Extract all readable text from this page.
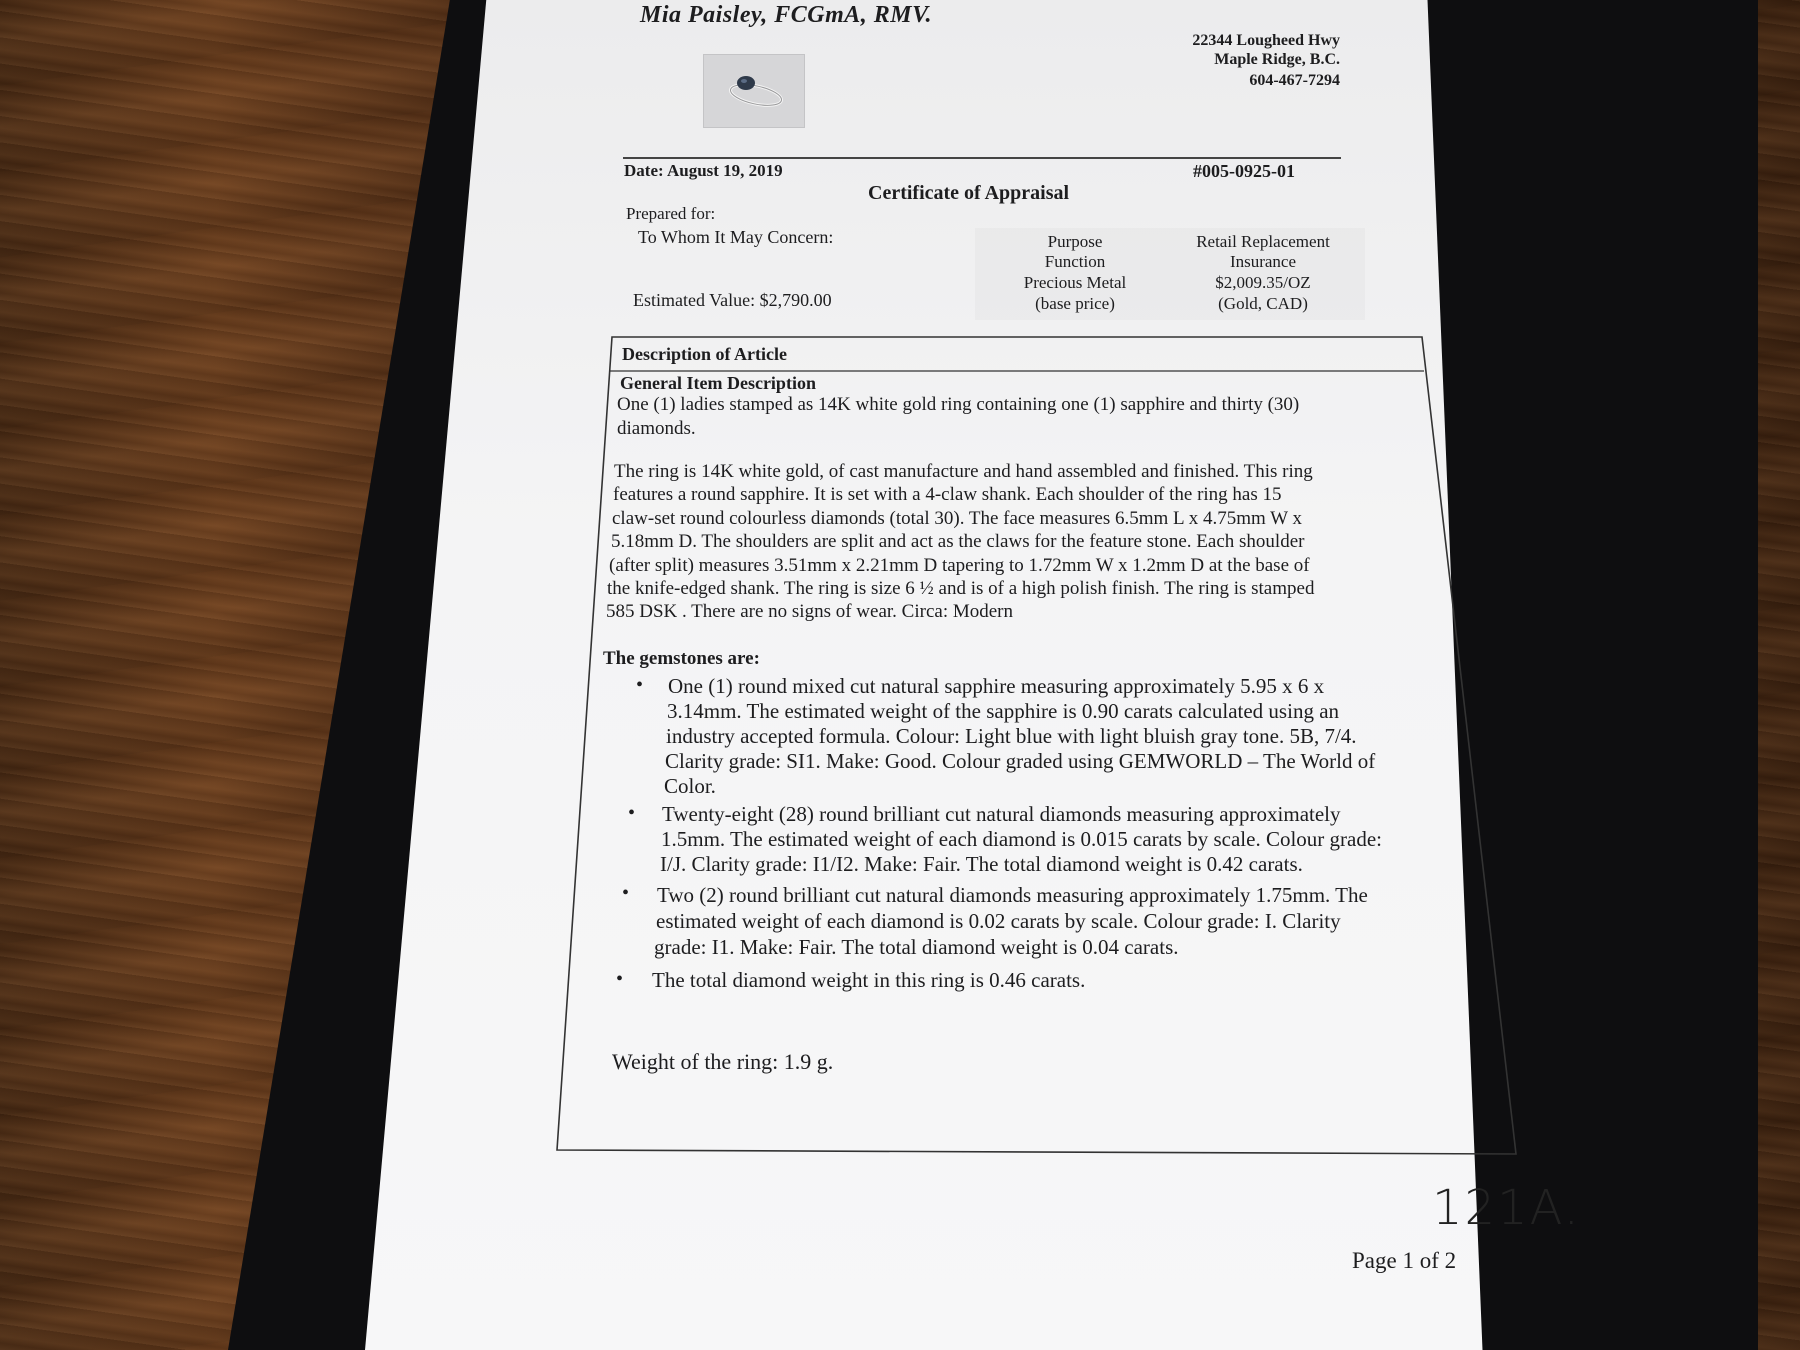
Mia Paisley, FCGmA, RMV.
22344 Lougheed Hwy
Maple Ridge, B.C.
604-467-7294
Date: August 19, 2019	#005-0925-01
Certificate of Appraisal
Prepared for:
To Whom It May Concern:
Estimated Value: $2,790.00
Purpose
Function
Precious Metal
(base price)
Retail Replacement
Insurance
$2,009.35/OZ
(Gold, CAD)
Description of Article
General Item Description
One (1) ladies stamped as 14K white gold ring containing one (1) sapphire and thirty (30)
diamonds.
The ring is 14K white gold, of cast manufacture and hand assembled and finished. This ring
features a round sapphire. It is set with a 4-claw shank. Each shoulder of the ring has 15
claw-set round colourless diamonds (total 30). The face measures 6.5mm L x 4.75mm W x
5.18mm D. The shoulders are split and act as the claws for the feature stone. Each shoulder
(after split) measures 3.51mm x 2.21mm D tapering to 1.72mm W x 1.2mm D at the base of
the knife-edged shank. The ring is size 6 ½ and is of a high polish finish. The ring is stamped
585 DSK . There are no signs of wear. Circa: Modern
The gemstones are:
• One (1) round mixed cut natural sapphire measuring approximately 5.95 x 6 x
3.14mm. The estimated weight of the sapphire is 0.90 carats calculated using an
industry accepted formula. Colour: Light blue with light bluish gray tone. 5B, 7/4.
Clarity grade: SI1. Make: Good. Colour graded using GEMWORLD – The World of
Color.
• Twenty-eight (28) round brilliant cut natural diamonds measuring approximately
1.5mm. The estimated weight of each diamond is 0.015 carats by scale. Colour grade:
I/J. Clarity grade: I1/I2. Make: Fair. The total diamond weight is 0.42 carats.
• Two (2) round brilliant cut natural diamonds measuring approximately 1.75mm. The
estimated weight of each diamond is 0.02 carats by scale. Colour grade: I. Clarity
grade: I1. Make: Fair. The total diamond weight is 0.04 carats.
• The total diamond weight in this ring is 0.46 carats.
Weight of the ring: 1.9 g.
121A.
Page 1 of 2
